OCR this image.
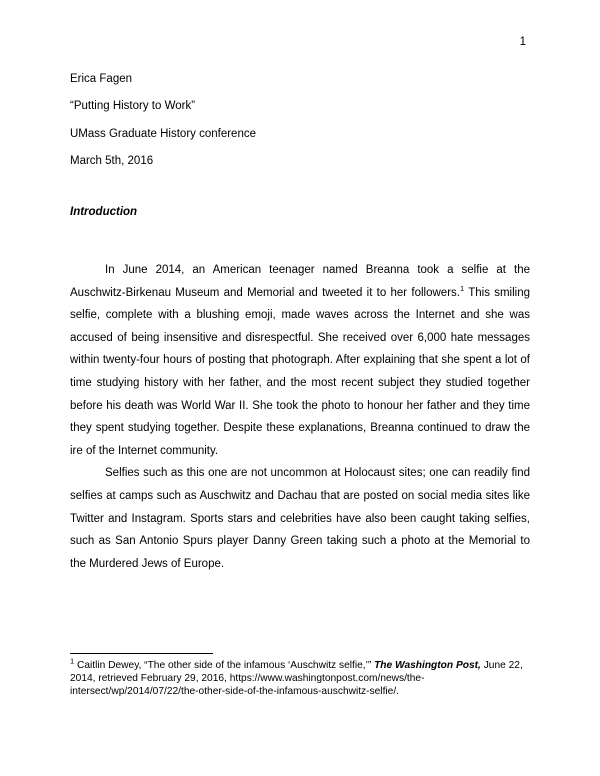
1
Erica Fagen
“Putting History to Work”
UMass Graduate History conference
March 5th, 2016
Introduction

In June 2014, an American teenager named Breanna took a selfie at the Auschwitz-Birkenau Museum and Memorial and tweeted it to her followers.$^1$ This smiling selfie, complete with a blushing emoji, made waves across the Internet and she was accused of being insensitive and disrespectful. She received over 6,000 hate messages within twenty-four hours of posting that photograph. After explaining that she spent a lot of time studying history with her father, and the most recent subject they studied together before his death was World War II. She took the photo to honour her father and they time they spent studying together. Despite these explanations, Breanna continued to draw the ire of the Internet community.

Selfies such as this one are not uncommon at Holocaust sites; one can readily find selfies at camps such as Auschwitz and Dachau that are posted on social media sites like Twitter and Instagram. Sports stars and celebrities have also been caught taking selfies, such as San Antonio Spurs player Danny Green taking such a photo at the Memorial to the Murdered Jews of Europe.

$^1$ Caitlin Dewey, “The other side of the infamous ‘Auschwitz selfie,’” The Washington Post, June 22, 2014, retrieved February 29, 2016, https://www.washingtonpost.com/news/the-intersect/wp/2014/07/22/the-other-side-of-the-infamous-auschwitz-selfie/.
